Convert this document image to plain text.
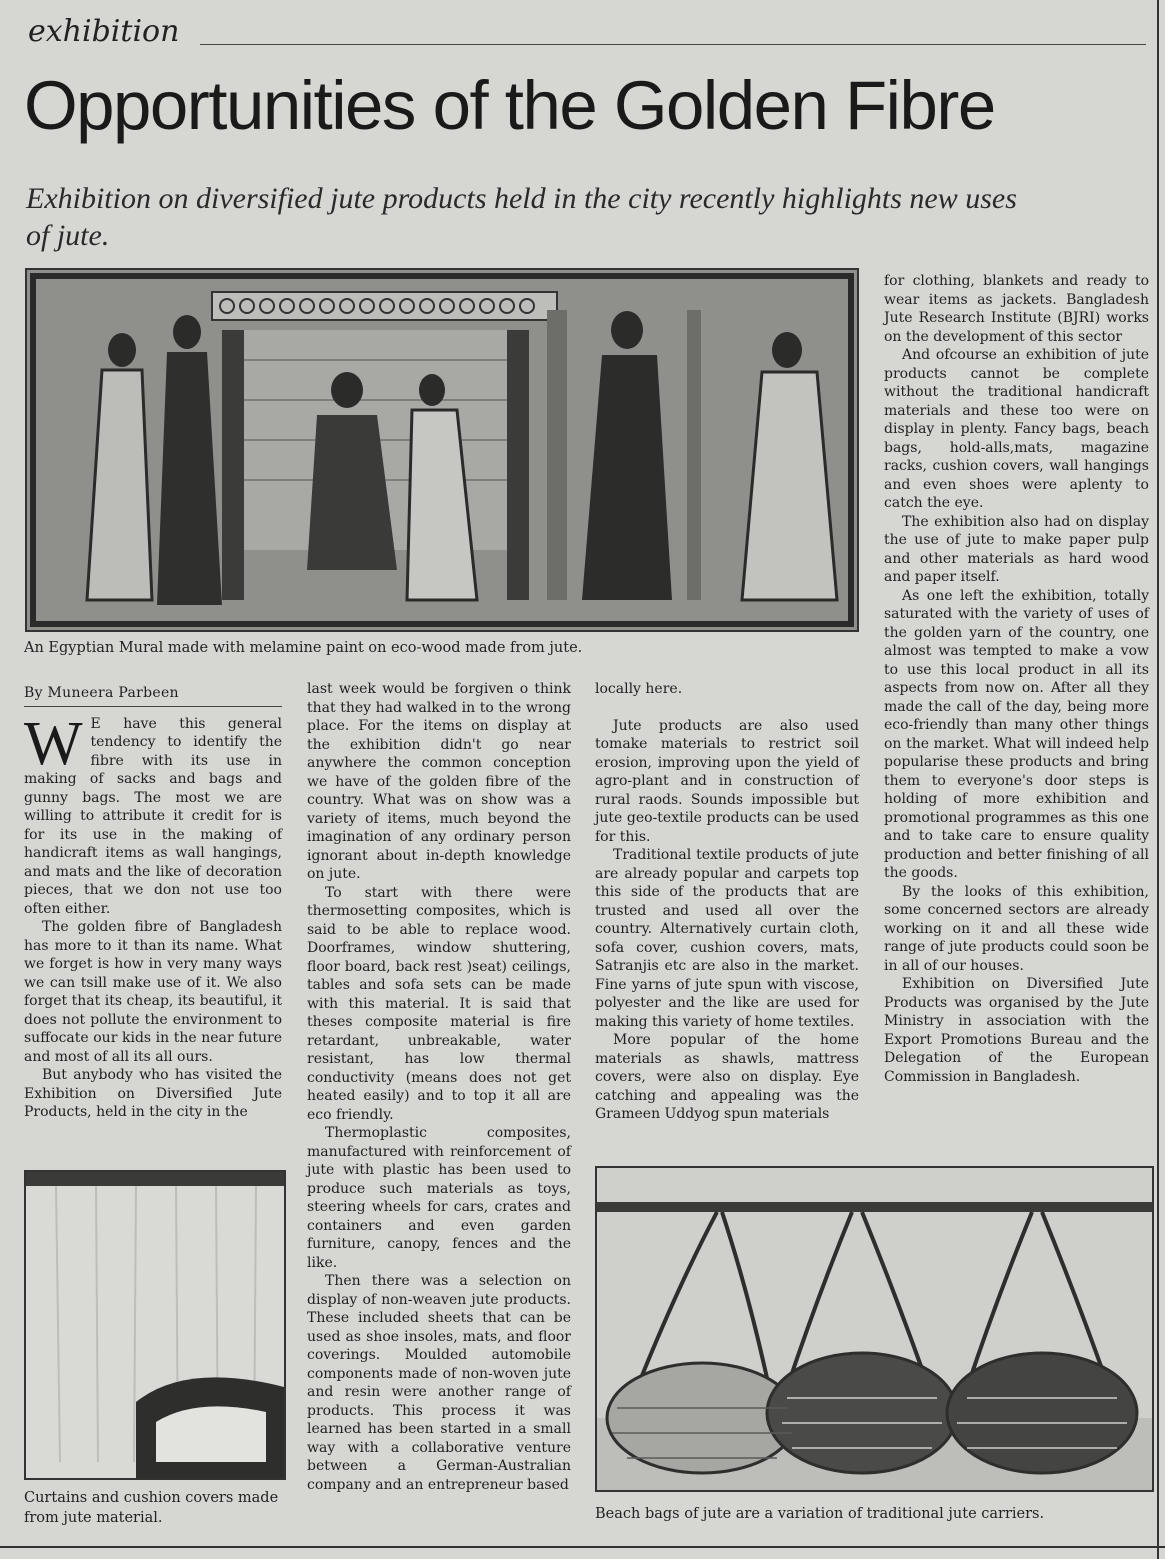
exhibition
Opportunities of the Golden Fibre
Exhibition on diversified jute products held in the city recently highlights new uses of jute.
An Egyptian Mural made with melamine paint on eco-wood made from jute.
By Muneera Parbeen

W E have this general tendency to identify the fibre with its use in making of sacks and bags and gunny bags. The most we are willing to attribute it credit for is for its use in the making of handicraft items as wall hangings, and mats and the like of decoration pieces, that we don not use too often either.

The golden fibre of Bangladesh has more to it than its name. What we forget is how in very many ways we can tsill make use of it. We also forget that its cheap, its beautiful, it does not pollute the environment to suffocate our kids in the near future and most of all its all ours.

But anybody who has visited the Exhibition on Diversified Jute Products, held in the city in the

Curtains and cushion covers made from jute material.

last week would be forgiven o think that they had walked in to the wrong place. For the items on display at the exhibition didn't go near anywhere the common conception we have of the golden fibre of the country. What was on show was a variety of items, much beyond the imagination of any ordinary person ignorant about in-depth knowledge on jute.

To start with there were thermosetting composites, which is said to be able to replace wood. Doorframes, window shuttering, floor board, back rest )seat) ceilings, tables and sofa sets can be made with this material. It is said that theses composite material is fire retardant, unbreakable, water resistant, has low thermal conductivity (means does not get heated easily) and to top it all are eco friendly.

Thermoplastic composites, manufactured with reinforcement of jute with plastic has been used to produce such materials as toys, steering wheels for cars, crates and containers and even garden furniture, canopy, fences and the like.

Then there was a selection on display of non-weaven jute products. These included sheets that can be used as shoe insoles, mats, and floor coverings. Moulded automobile components made of non-woven jute and resin were another range of products. This process it was learned has been started in a small way with a collaborative venture between a German-Australian company and an entrepreneur based

locally here.

Jute products are also used tomake materials to restrict soil erosion, improving upon the yield of agro-plant and in construction of rural raods. Sounds impossible but jute geo-textile products can be used for this.

Traditional textile products of jute are already popular and carpets top this side of the products that are trusted and used all over the country. Alternatively curtain cloth, sofa cover, cushion covers, mats, Satranjis etc are also in the market. Fine yarns of jute spun with viscose, polyester and the like are used for making this variety of home textiles.

More popular of the home materials as shawls, mattress covers, were also on display. Eye catching and appealing was the Grameen Uddyog spun materials

for clothing, blankets and ready to wear items as jackets. Bangladesh Jute Research Institute (BJRI) works on the development of this sector

And ofcourse an exhibition of jute products cannot be complete without the traditional handicraft materials and these too were on display in plenty. Fancy bags, beach bags, hold-alls,mats, magazine racks, cushion covers, wall hangings and even shoes were aplenty to catch the eye.

The exhibition also had on display the use of jute to make paper pulp and other materials as hard wood and paper itself.

As one left the exhibition, totally saturated with the variety of uses of the golden yarn of the country, one almost was tempted to make a vow to use this local product in all its aspects from now on. After all they made the call of the day, being more eco-friendly than many other things on the market. What will indeed help popularise these products and bring them to everyone's door steps is holding of more exhibition and promotional programmes as this one and to take care to ensure quality production and better finishing of all the goods.

By the looks of this exhibition, some concerned sectors are already working on it and all these wide range of jute products could soon be in all of our houses.

Exhibition on Diversified Jute Products was organised by the Jute Ministry in association with the Export Promotions Bureau and the Delegation of the European Commission in Bangladesh.

Beach bags of jute are a variation of traditional jute carriers.
